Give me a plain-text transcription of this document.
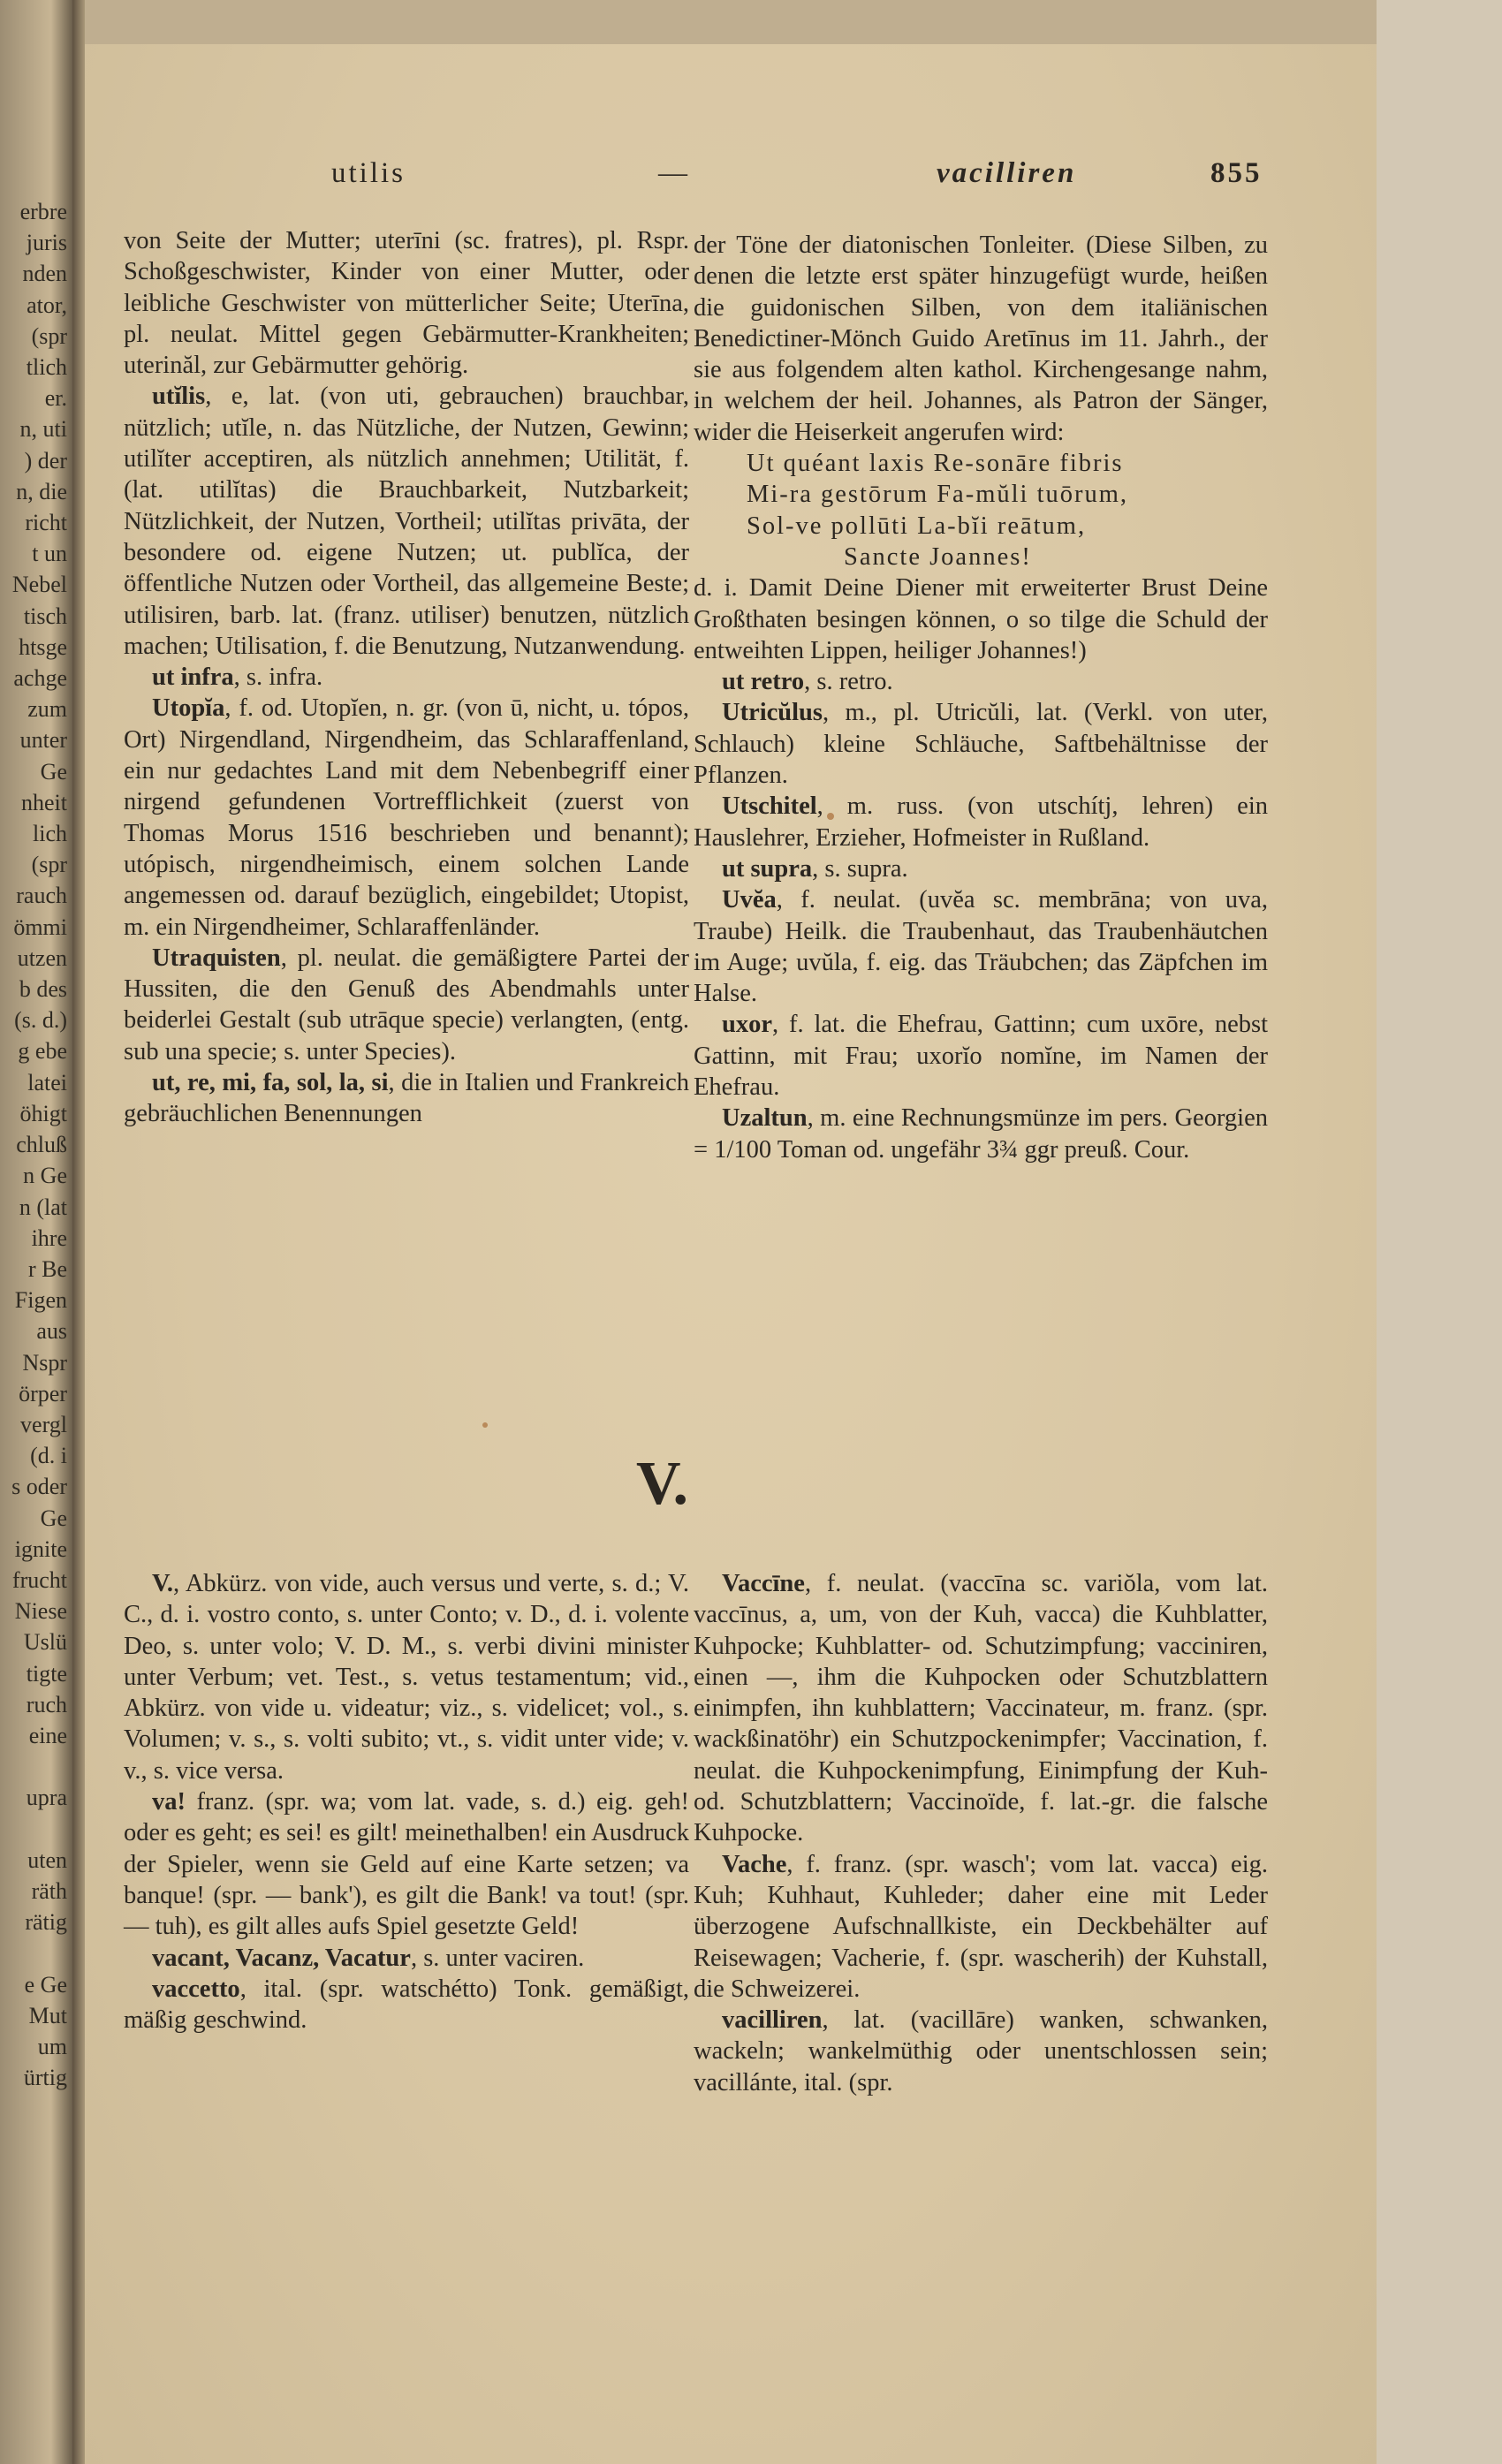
erbre
juris
nden
ator,
(spr
tlich
er.
n, uti
) der
n, die
richt
t un
Nebel
tisch
htsge
achge
zum
unter
Ge
nheit
lich
(spr
rauch
ömmi
utzen
b des
(s. d.)
g ebe
latei
öhigt
chluß
n Ge
n (lat
ihre
r Be
Figen
aus
Nspr
örper
vergl
(d. i
s oder
Ge
ignite
frucht
Niese
Uslü
tigte
ruch
eine

upra

uten
räth
rätig

e Ge
Mut
um
ürtig
utilis	—	vacilliren	855

von Seite der Mutter; uterīni (sc. fratres), pl. Rspr. Schoßgeschwister, Kinder von einer Mutter, oder leibliche Geschwister von mütterlicher Seite; Uterīna, pl. neulat. Mittel gegen Gebärmutter-Krankheiten; uterinăl, zur Gebärmutter gehörig.

utĭlis, e, lat. (von uti, gebrauchen) brauchbar, nützlich; utĭle, n. das Nützliche, der Nutzen, Gewinn; utilĭter acceptiren, als nützlich annehmen; Utilität, f. (lat. utilĭtas) die Brauchbarkeit, Nutzbarkeit; Nützlichkeit, der Nutzen, Vortheil; utilĭtas privāta, der besondere od. eigene Nutzen; ut. publĭca, der öffentliche Nutzen oder Vortheil, das allgemeine Beste; utilisiren, barb. lat. (franz. utiliser) benutzen, nützlich machen; Utilisation, f. die Benutzung, Nutzanwendung.

ut infra, s. infra.

Utopĭa, f. od. Utopĭen, n. gr. (von ū, nicht, u. tópos, Ort) Nirgendland, Nirgendheim, das Schlaraffenland, ein nur gedachtes Land mit dem Nebenbegriff einer nirgend gefundenen Vortrefflichkeit (zuerst von Thomas Morus 1516 beschrieben und benannt); utópisch, nirgendheimisch, einem solchen Lande angemessen od. darauf bezüglich, eingebildet; Utopist, m. ein Nirgendheimer, Schlaraffenländer.

Utraquisten, pl. neulat. die gemäßigtere Partei der Hussiten, die den Genuß des Abendmahls unter beiderlei Gestalt (sub utrāque specie) verlangten, (entg. sub una specie; s. unter Species).

ut, re, mi, fa, sol, la, si, die in Italien und Frankreich gebräuchlichen Benennungen

der Töne der diatonischen Tonleiter. (Diese Silben, zu denen die letzte erst später hinzugefügt wurde, heißen die guidonischen Silben, von dem italiänischen Benedictiner-Mönch Guido Aretīnus im 11. Jahrh., der sie aus folgendem alten kathol. Kirchengesange nahm, in welchem der heil. Johannes, als Patron der Sänger, wider die Heiserkeit angerufen wird:

Ut quéant laxis Re-sonāre fibris
Mi-ra gestōrum Fa-mŭli tuōrum,
Sol-ve pollūti La-bĭi reātum,
Sancte Joannes!

d. i. Damit Deine Diener mit erweiterter Brust Deine Großthaten besingen können, o so tilge die Schuld der entweihten Lippen, heiliger Johannes!)

ut retro, s. retro.

Utricŭlus, m., pl. Utricŭli, lat. (Verkl. von uter, Schlauch) kleine Schläuche, Saftbehältnisse der Pflanzen.

Utschitel, m. russ. (von utschítj, lehren) ein Hauslehrer, Erzieher, Hofmeister in Rußland.

ut supra, s. supra.

Uvĕa, f. neulat. (uvĕa sc. membrāna; von uva, Traube) Heilk. die Traubenhaut, das Traubenhäutchen im Auge; uvŭla, f. eig. das Träubchen; das Zäpfchen im Halse.

uxor, f. lat. die Ehefrau, Gattinn; cum uxōre, nebst Gattinn, mit Frau; uxorĭo nomĭne, im Namen der Ehefrau.

Uzaltun, m. eine Rechnungsmünze im pers. Georgien = 1/100 Toman od. ungefähr 3¾ ggr preuß. Cour.

V.

V., Abkürz. von vide, auch versus und verte, s. d.; V. C., d. i. vostro conto, s. unter Conto; v. D., d. i. volente Deo, s. unter volo; V. D. M., s. verbi divini minister unter Verbum; vet. Test., s. vetus testamentum; vid., Abkürz. von vide u. videatur; viz., s. videlicet; vol., s. Volumen; v. s., s. volti subito; vt., s. vidit unter vide; v. v., s. vice versa.

va! franz. (spr. wa; vom lat. vade, s. d.) eig. geh! oder es geht; es sei! es gilt! meinethalben! ein Ausdruck der Spieler, wenn sie Geld auf eine Karte setzen; va banque! (spr. — bank'), es gilt die Bank! va tout! (spr. — tuh), es gilt alles aufs Spiel gesetzte Geld!

vacant, Vacanz, Vacatur, s. unter vaciren.

vaccetto, ital. (spr. watschétto) Tonk. gemäßigt, mäßig geschwind.

Vaccīne, f. neulat. (vaccīna sc. variŏla, vom lat. vaccīnus, a, um, von der Kuh, vacca) die Kuhblatter, Kuhpocke; Kuhblatter- od. Schutzimpfung; vacciniren, einen —, ihm die Kuhpocken oder Schutzblattern einimpfen, ihn kuhblattern; Vaccinateur, m. franz. (spr. wackßinatöhr) ein Schutzpockenimpfer; Vaccination, f. neulat. die Kuhpockenimpfung, Einimpfung der Kuh- od. Schutzblattern; Vaccinoïde, f. lat.-gr. die falsche Kuhpocke.

Vache, f. franz. (spr. wasch'; vom lat. vacca) eig. Kuh; Kuhhaut, Kuhleder; daher eine mit Leder überzogene Aufschnallkiste, ein Deckbehälter auf Reisewagen; Vacherie, f. (spr. wascherih) der Kuhstall, die Schweizerei.

vacilliren, lat. (vacillāre) wanken, schwanken, wackeln; wankelmüthig oder unentschlossen sein; vacillánte, ital. (spr.
